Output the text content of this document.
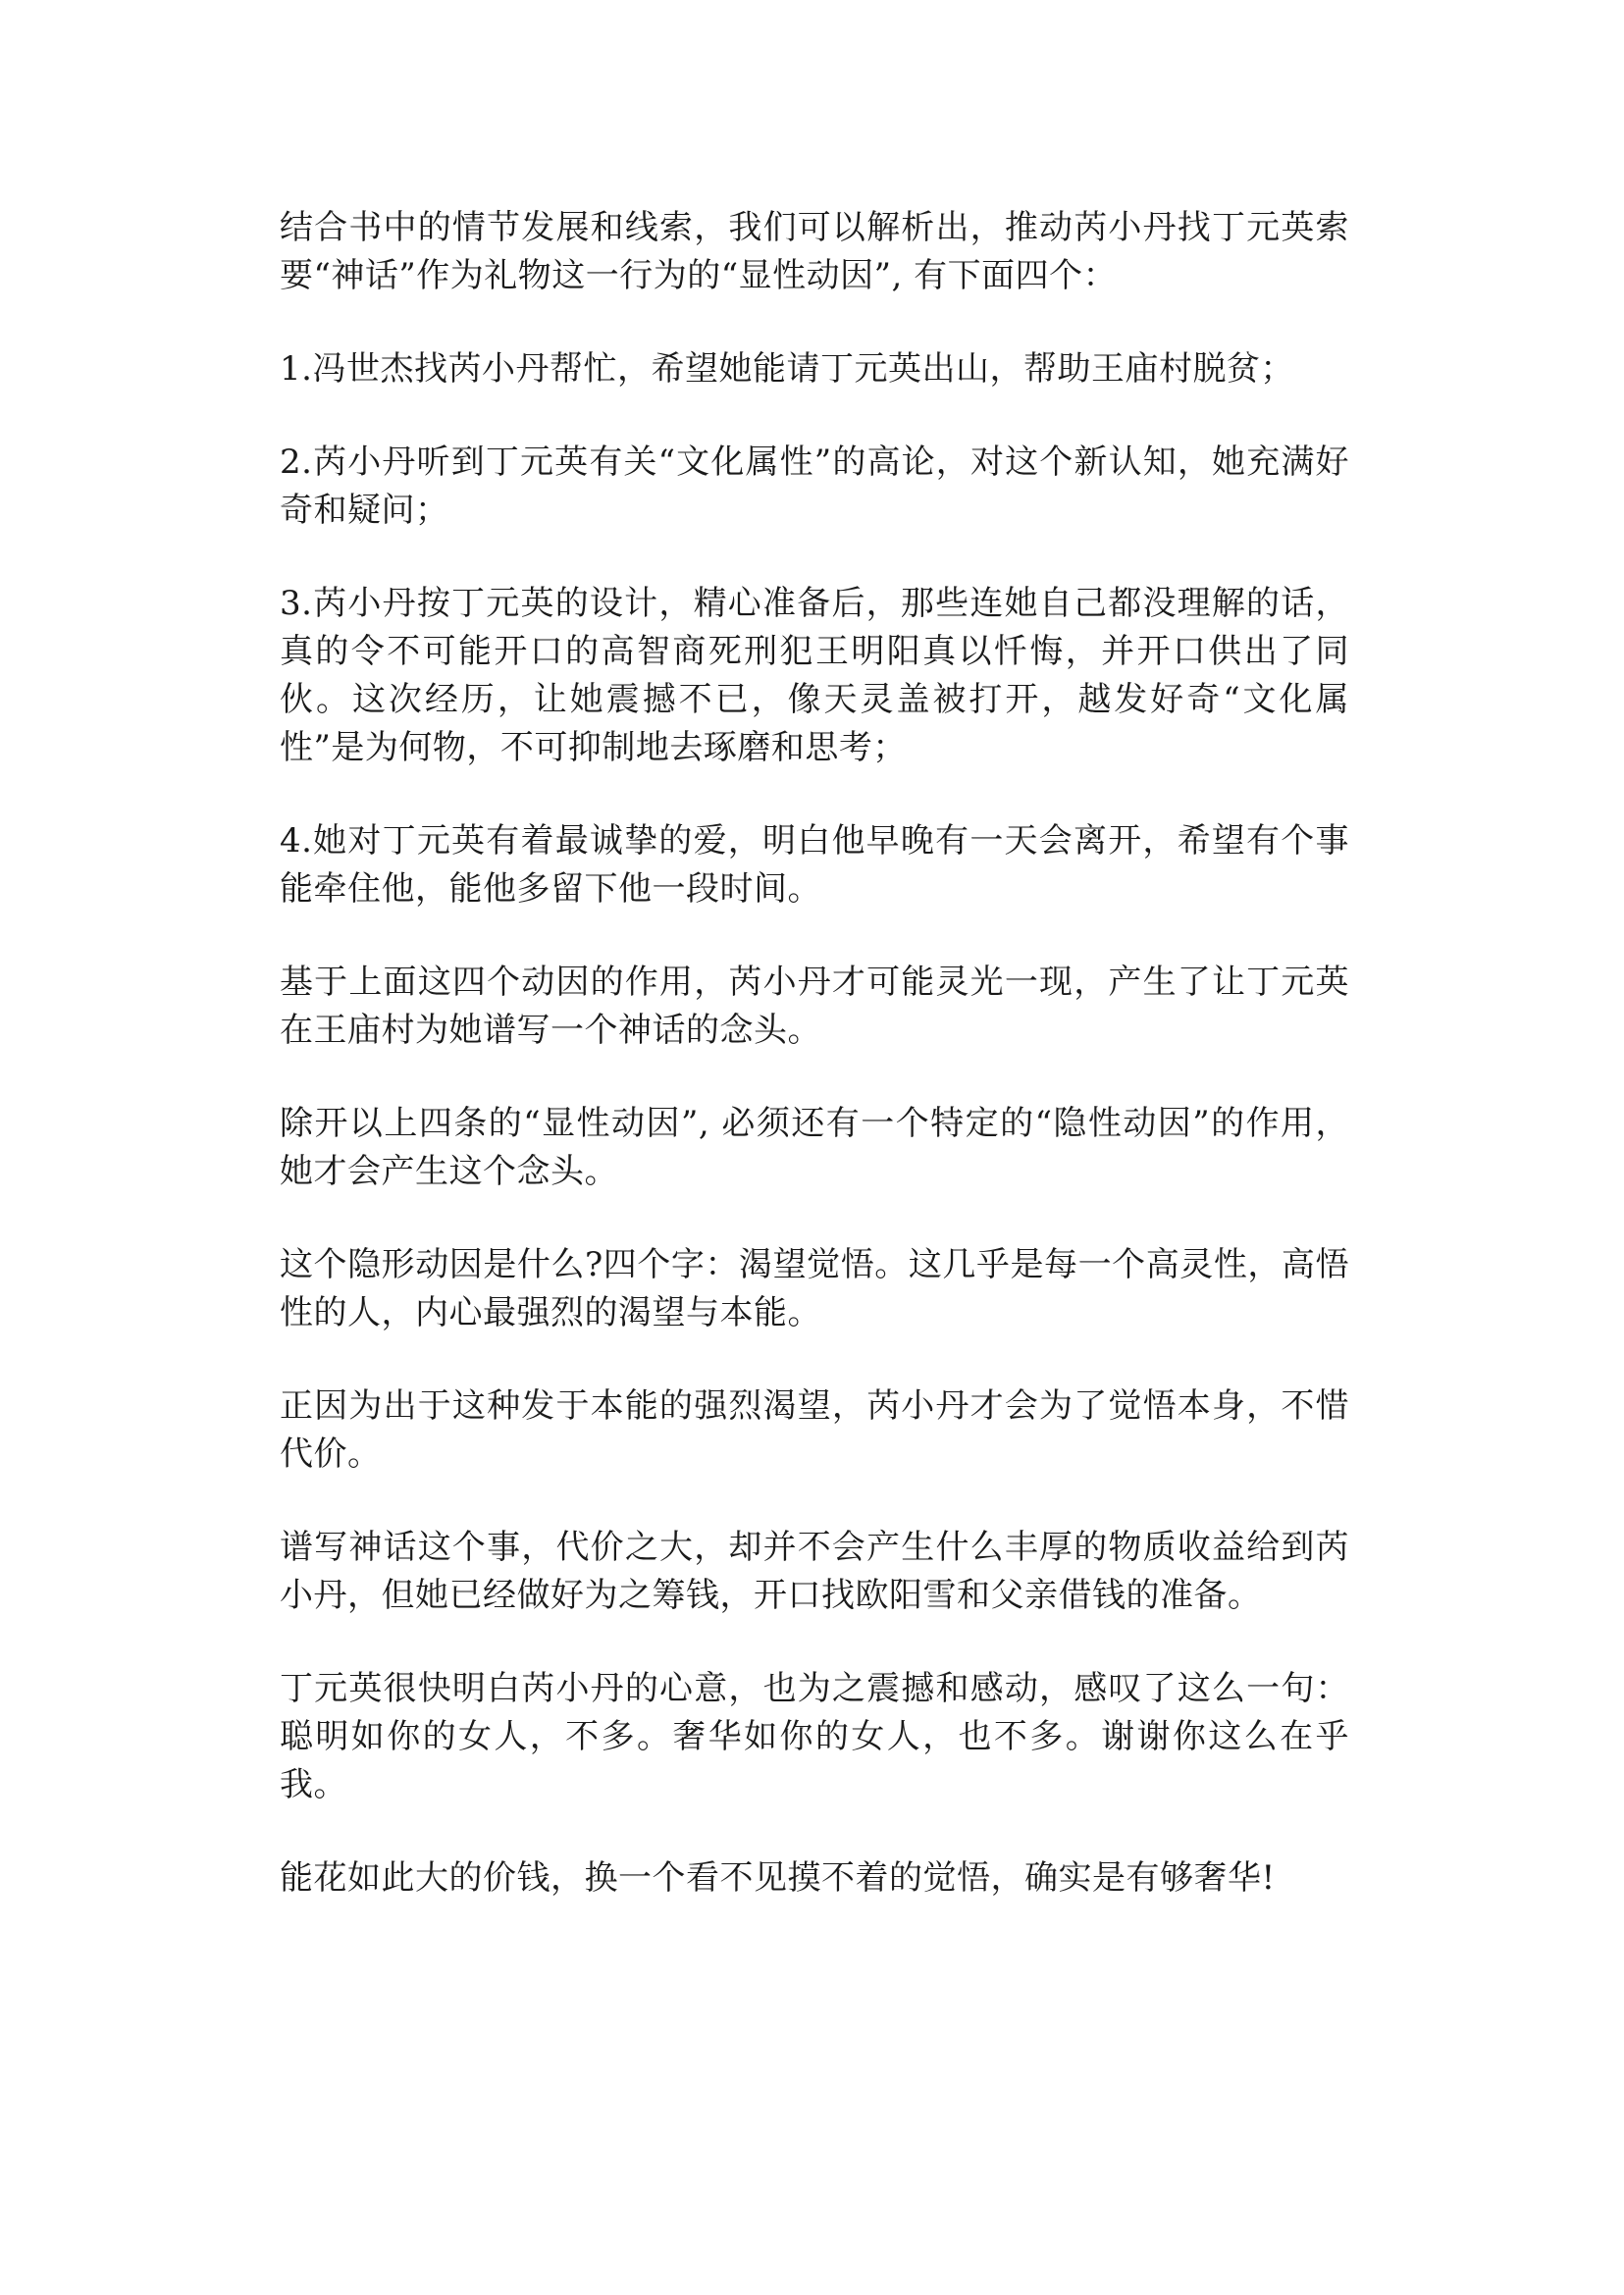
结合书中的情节发展和线索，我们可以解析出，推动芮小丹找丁元英索要“神话”作为礼物这一行为的“显性动因”, 有下面四个：

1.冯世杰找芮小丹帮忙，希望她能请丁元英出山，帮助王庙村脱贫；

2.芮小丹听到丁元英有关“文化属性”的高论，对这个新认知，她充满好奇和疑问；

3.芮小丹按丁元英的设计，精心准备后，那些连她自己都没理解的话，真的令不可能开口的高智商死刑犯王明阳真以忏悔，并开口供出了同伙。这次经历，让她震撼不已，像天灵盖被打开，越发好奇“文化属性”是为何物，不可抑制地去琢磨和思考；

4.她对丁元英有着最诚挚的爱，明白他早晚有一天会离开，希望有个事能牵住他，能他多留下他一段时间。

基于上面这四个动因的作用，芮小丹才可能灵光一现，产生了让丁元英在王庙村为她谱写一个神话的念头。

除开以上四条的“显性动因”, 必须还有一个特定的“隐性动因”的作用，她才会产生这个念头。

这个隐形动因是什么?四个字：渴望觉悟。这几乎是每一个高灵性，高悟性的人，内心最强烈的渴望与本能。

正因为出于这种发于本能的强烈渴望，芮小丹才会为了觉悟本身，不惜代价。

谱写神话这个事，代价之大，却并不会产生什么丰厚的物质收益给到芮小丹，但她已经做好为之筹钱，开口找欧阳雪和父亲借钱的准备。

丁元英很快明白芮小丹的心意，也为之震撼和感动，感叹了这么一句：聪明如你的女人，不多。奢华如你的女人，也不多。谢谢你这么在乎我。

能花如此大的价钱，换一个看不见摸不着的觉悟，确实是有够奢华!
